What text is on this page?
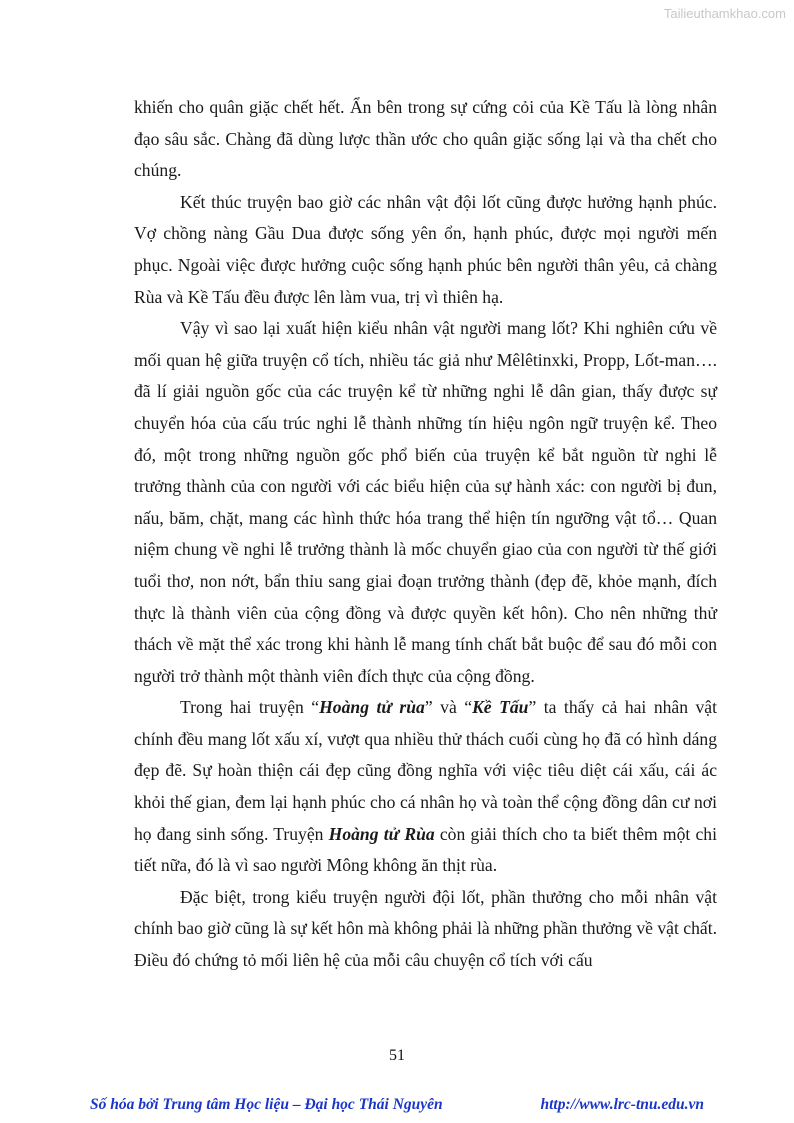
Tailieuthamkhao.com

khiến cho quân giặc chết hết. Ẩn bên trong sự cứng cỏi của Kề Tấu là lòng nhân đạo sâu sắc. Chàng đã dùng lược thần ước cho quân giặc sống lại và tha chết cho chúng.

Kết thúc truyện bao giờ các nhân vật đội lốt cũng được hưởng hạnh phúc. Vợ chồng nàng Gầu Dua được sống yên ổn, hạnh phúc, được mọi người mến phục. Ngoài việc được hưởng cuộc sống hạnh phúc bên người thân yêu, cả chàng Rùa và Kề Tấu đều được lên làm vua, trị vì thiên hạ.

Vậy vì sao lại xuất hiện kiểu nhân vật người mang lốt? Khi nghiên cứu về mối quan hệ giữa truyện cổ tích, nhiều tác giả như Mêlêtinxki, Propp, Lốt-man…. đã lí giải nguồn gốc của các truyện kể từ những nghi lễ dân gian, thấy được sự chuyển hóa của cấu trúc nghi lễ thành những tín hiệu ngôn ngữ truyện kể. Theo đó, một trong những nguồn gốc phổ biến của truyện kể bắt nguồn từ nghi lễ trưởng thành của con người với các biểu hiện của sự hành xác: con người bị đun, nấu, băm, chặt, mang các hình thức hóa trang thể hiện tín ngưỡng vật tổ… Quan niệm chung về nghi lễ trưởng thành là mốc chuyển giao của con người từ thế giới tuổi thơ, non nớt, bẩn thỉu sang giai đoạn trưởng thành (đẹp đẽ, khỏe mạnh, đích thực là thành viên của cộng đồng và được quyền kết hôn). Cho nên những thử thách về mặt thể xác trong khi hành lễ mang tính chất bắt buộc để sau đó mỗi con người trở thành một thành viên đích thực của cộng đồng.

Trong hai truyện “Hoàng tử rùa” và “Kề Tấu” ta thấy cả hai nhân vật chính đều mang lốt xấu xí, vượt qua nhiều thử thách cuối cùng họ đã có hình dáng đẹp đẽ. Sự hoàn thiện cái đẹp cũng đồng nghĩa với việc tiêu diệt cái xấu, cái ác khỏi thế gian, đem lại hạnh phúc cho cá nhân họ và toàn thể cộng đồng dân cư nơi họ đang sinh sống. Truyện Hoàng tử Rùa còn giải thích cho ta biết thêm một chi tiết nữa, đó là vì sao người Mông không ăn thịt rùa.

Đặc biệt, trong kiểu truyện người đội lốt, phần thưởng cho mỗi nhân vật chính bao giờ cũng là sự kết hôn mà không phải là những phần thưởng về vật chất. Điều đó chứng tỏ mối liên hệ của mỗi câu chuyện cổ tích với cấu

51
Số hóa bởi Trung tâm Học liệu – Đại học Thái Nguyên	http://www.lrc-tnu.edu.vn
